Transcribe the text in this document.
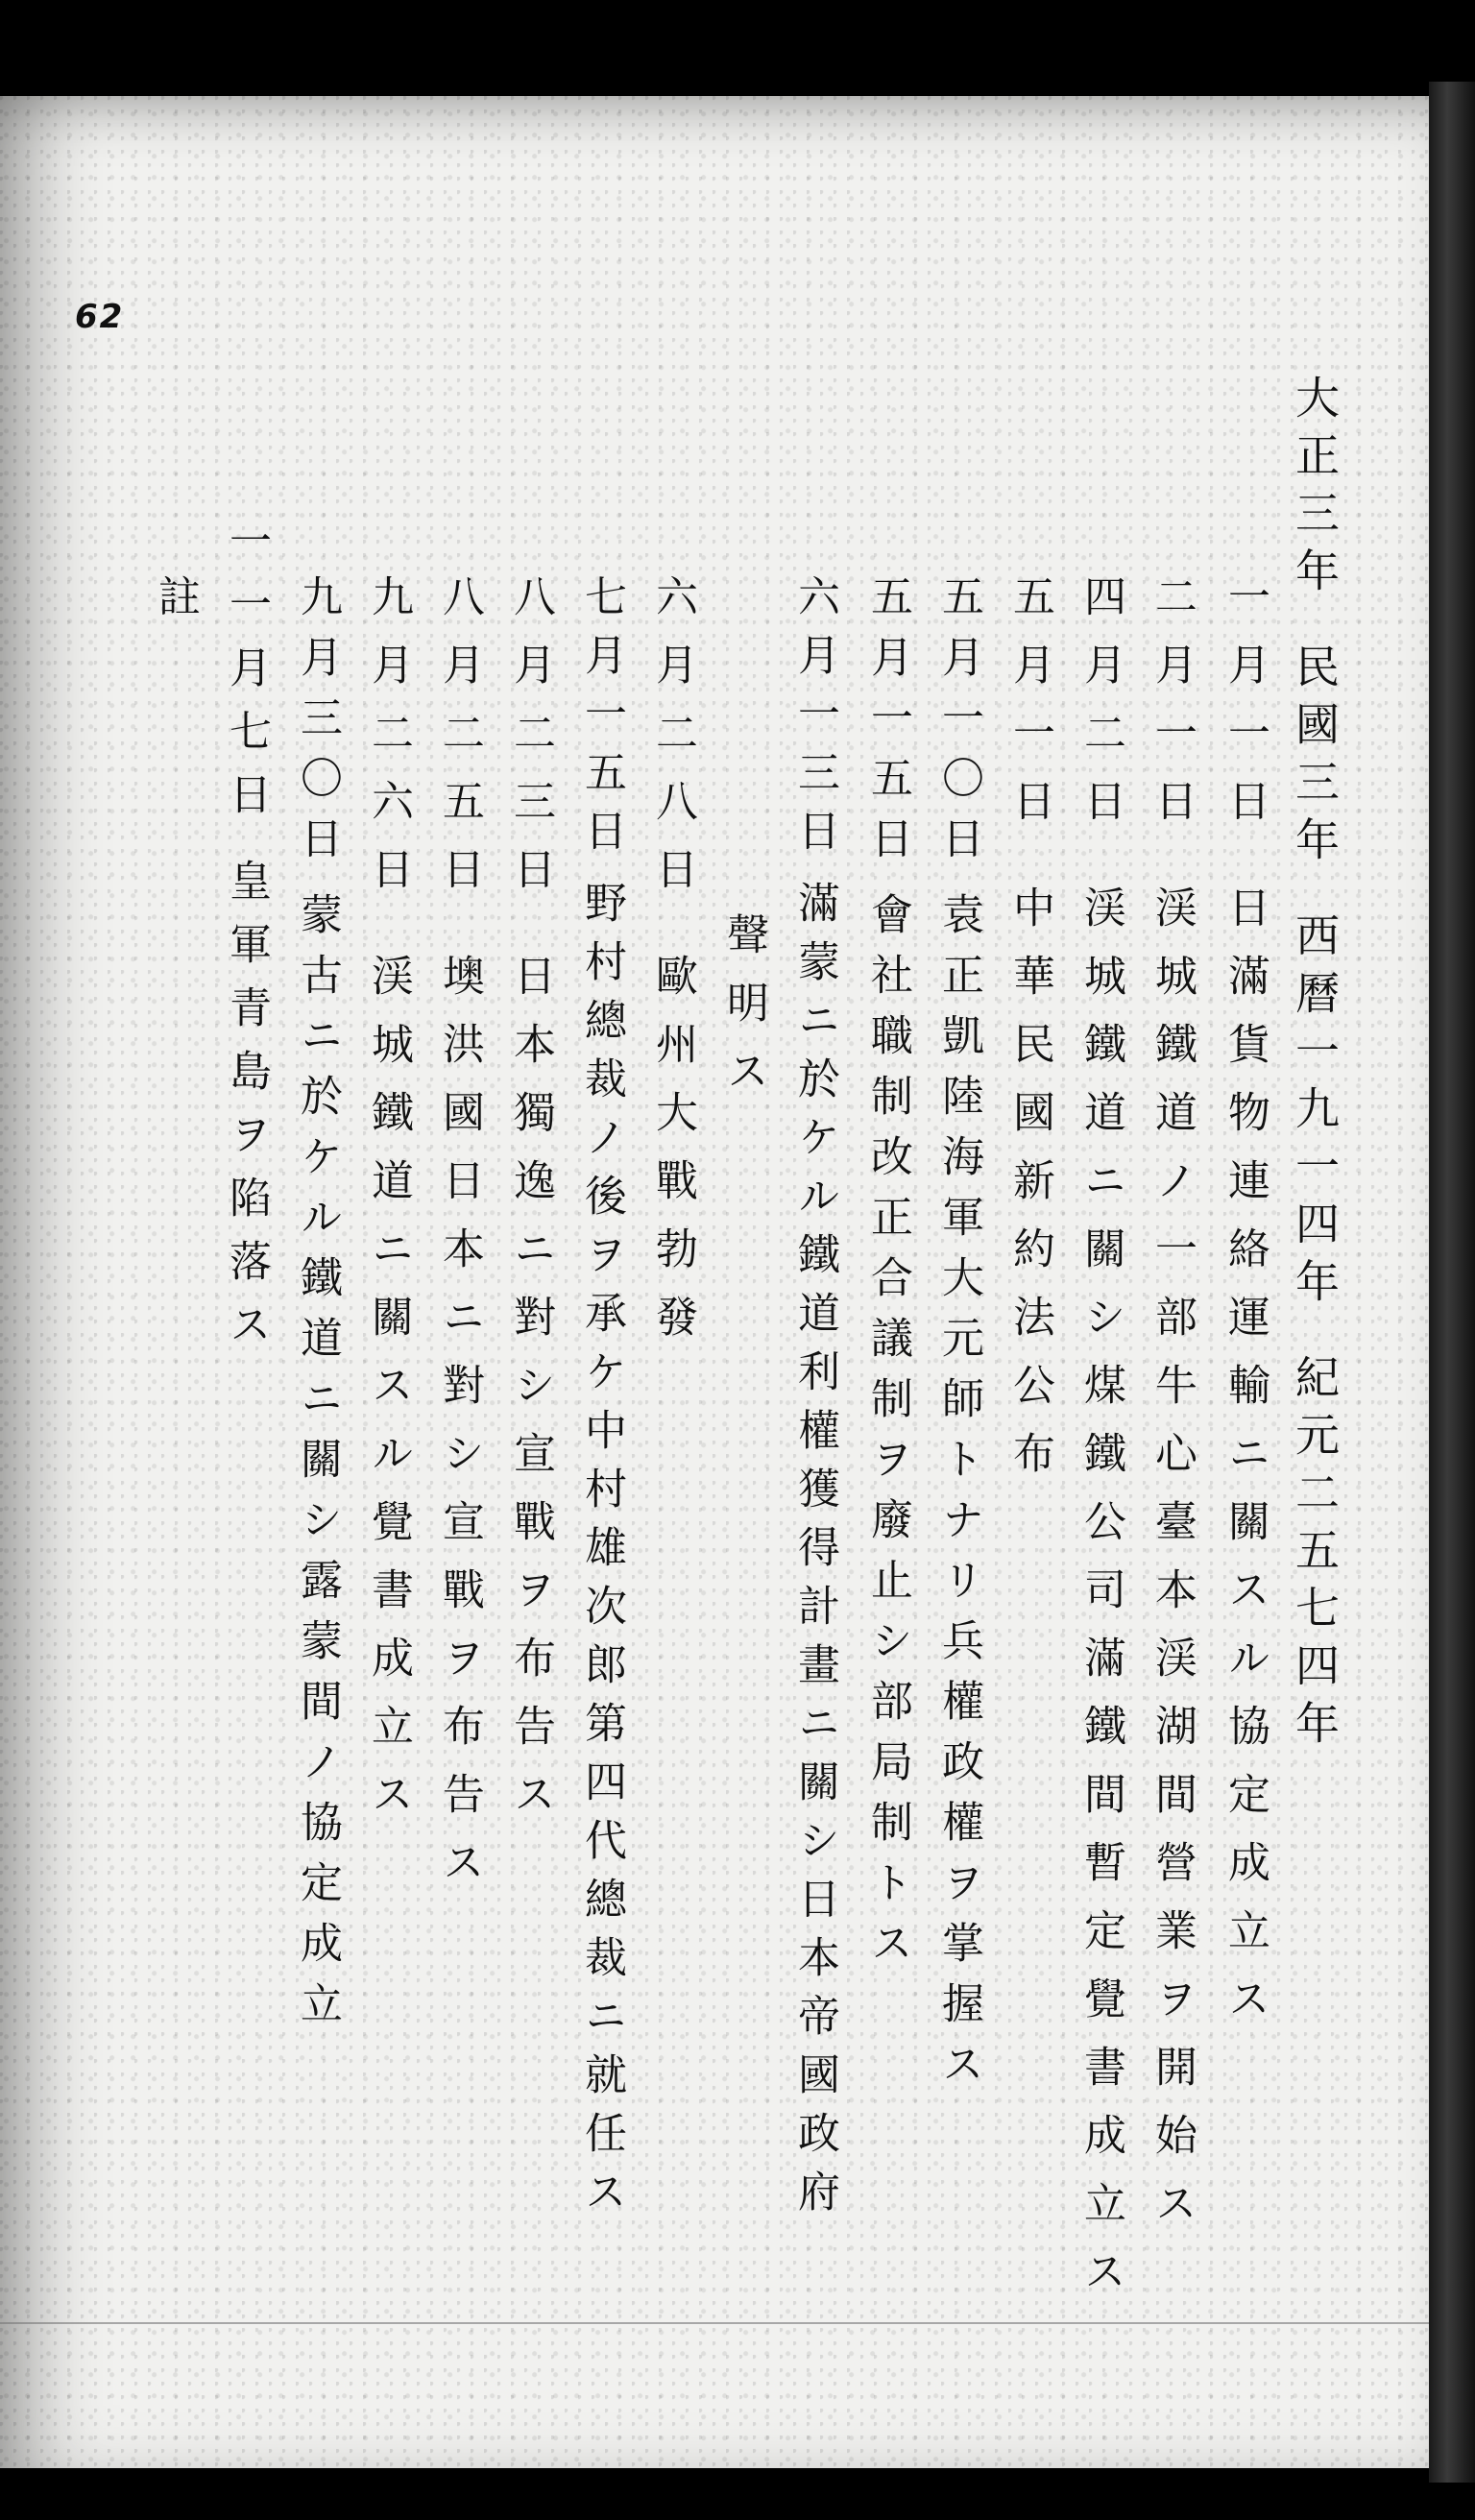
62
大正三年民國三年西曆一九一四年紀元二五七四年
一月一日日滿貨物連絡運輸ニ關スル協定成立ス
二月一日渓城鐵道ノ一部牛心臺本渓湖間營業ヲ開始ス
四月二日渓城鐵道ニ關シ煤鐵公司滿鐵間暫定覺書成立ス
五月一日中華民國新約法公布
五月一〇日袁正凱陸海軍大元師トナリ兵權政權ヲ掌握ス
五月一五日會社職制改正合議制ヲ廢止シ部局制トス
六月一三日滿蒙ニ於ケル鐵道利權獲得計畫ニ關シ日本帝國政府
聲明ス
六月二八日歐州大戰勃發
七月一五日野村總裁ノ後ヲ承ケ中村雄次郎第四代總裁ニ就任ス
八月二三日日本獨逸ニ對シ宣戰ヲ布告ス
八月二五日墺洪國日本ニ對シ宣戰ヲ布告ス
九月二六日渓城鐵道ニ關スル覺書成立ス
九月三〇日蒙古ニ於ケル鐵道ニ關シ露蒙間ノ協定成立
一一月七日皇軍青島ヲ陷落ス
註
